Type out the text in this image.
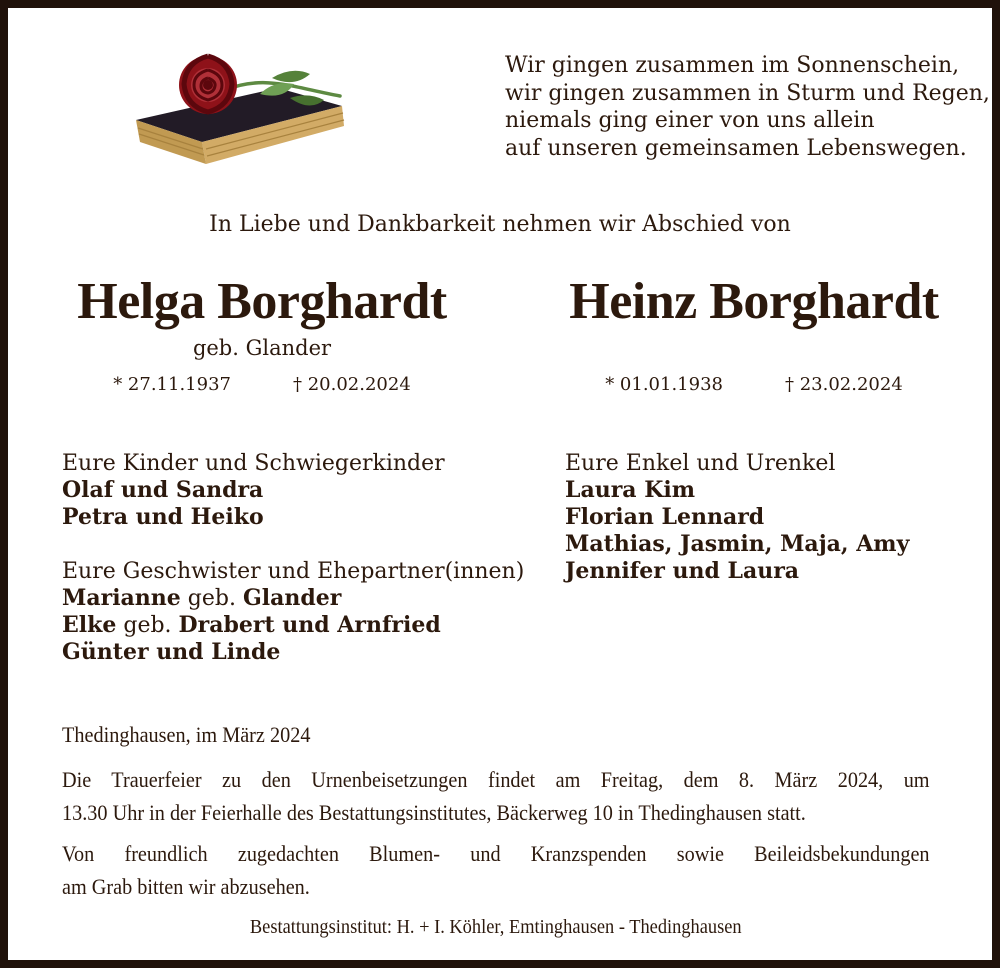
Wir gingen zusammen im Sonnenschein,
wir gingen zusammen in Sturm und Regen,
niemals ging einer von uns allein
auf unseren gemeinsamen Lebenswegen.
In Liebe und Dankbarkeit nehmen wir Abschied von
Helga Borghardt
geb. Glander
* 27.11.1937	† 20.02.2024
Heinz Borghardt
* 01.01.1938	† 23.02.2024
Eure Kinder und Schwiegerkinder
Olaf und Sandra
Petra und Heiko
Eure Geschwister und Ehepartner(innen)
Marianne geb. Glander
Elke geb. Drabert und Arnfried
Günter und Linde
Eure Enkel und Urenkel
Laura Kim
Florian Lennard
Mathias, Jasmin, Maja, Amy
Jennifer und Laura
Thedinghausen, im März 2024
Die Trauerfeier zu den Urnenbeisetzungen findet am Freitag, dem 8. März 2024, um
13.30 Uhr in der Feierhalle des Bestattungsinstitutes, Bäckerweg 10 in Thedinghausen statt.
Von freundlich zugedachten Blumen- und Kranzspenden sowie Beileidsbekundungen
am Grab bitten wir abzusehen.
Bestattungsinstitut: H. + I. Köhler, Emtinghausen - Thedinghausen
